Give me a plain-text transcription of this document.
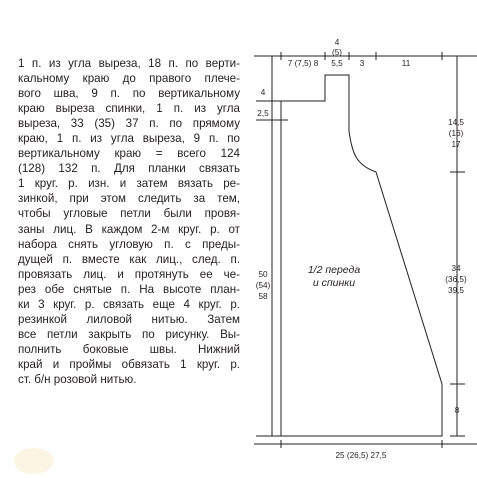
1 п. из угла выреза, 18 п. по верти-
кальному краю до правого плече-
вого шва, 9 п. по вертикальному
краю выреза спинки, 1 п. из угла
выреза, 33 (35) 37 п. по прямому
краю, 1 п. из угла выреза, 9 п. по
вертикальному краю = всего 124
(128) 132 п. Для планки связать
1 круг. р. изн. и затем вязать ре-
зинкой, при этом следить за тем,
чтобы угловые петли были провя-
заны лиц. В каждом 2-м круг. р. от
набора снять угловую п. с преды-
дущей п. вместе как лиц., след. п.
провязать лиц. и протянуть ее че-
рез обе снятые п. На высоте план-
ки 3 круг. р. связать еще 4 круг. р.
резинкой лиловой нитью. Затем
все петли закрыть по рисунку. Вы-
полнить боковые швы. Нижний
край и проймы обвязать 1 круг. р.
ст. б/н розовой нитью.
7 (7,5) 8
4
(5)
5,5 3	11
4
2,5
50
(54)
58
14,5
(16)
17
34
(36,5)
39,5
8
25 (26,5) 27,5
1/2 переда
и спинки
